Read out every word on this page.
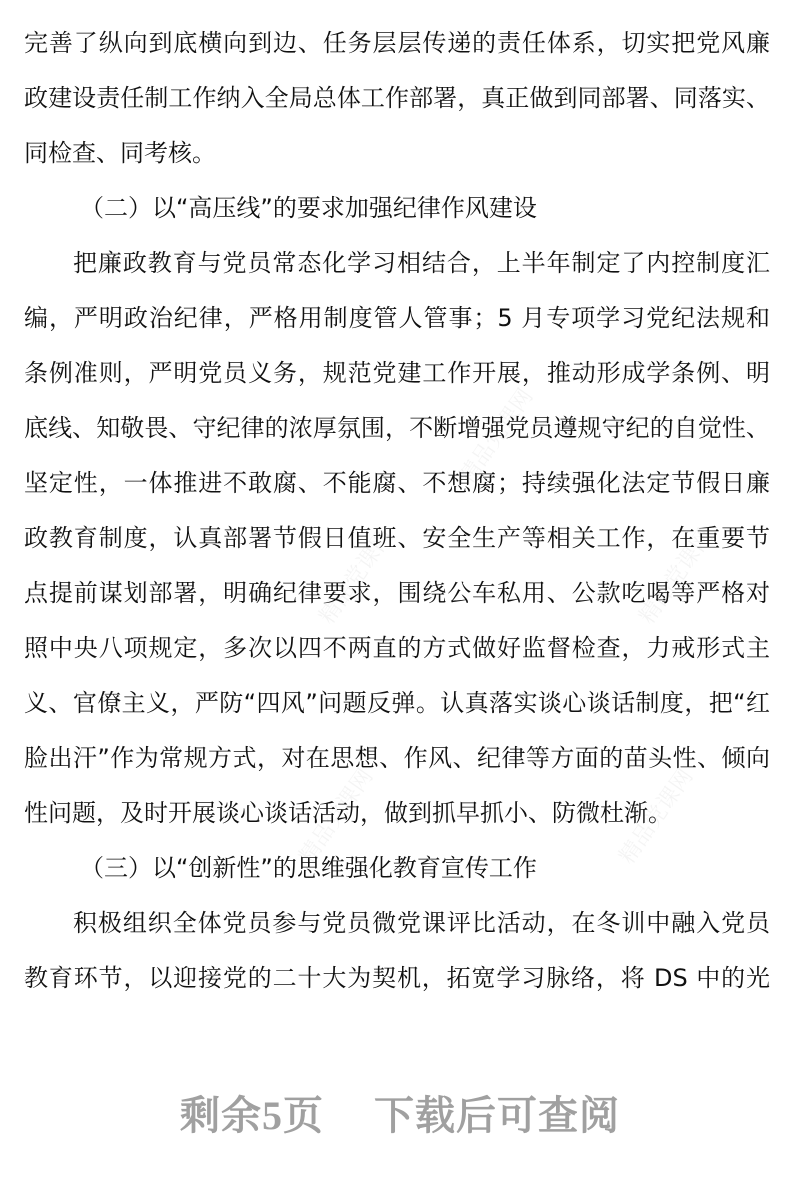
完善了纵向到底横向到边、任务层层传递的责任体系，切实把党风廉
政建设责任制工作纳入全局总体工作部署，真正做到同部署、同落实、
同检查、同考核。
（二）以“高压线”的要求加强纪律作风建设
把廉政教育与党员常态化学习相结合，上半年制定了内控制度汇
编，严明政治纪律，严格用制度管人管事；5 月专项学习党纪法规和
条例准则，严明党员义务，规范党建工作开展，推动形成学条例、明
底线、知敬畏、守纪律的浓厚氛围，不断增强党员遵规守纪的自觉性、
坚定性，一体推进不敢腐、不能腐、不想腐；持续强化法定节假日廉
政教育制度，认真部署节假日值班、安全生产等相关工作，在重要节
点提前谋划部署，明确纪律要求，围绕公车私用、公款吃喝等严格对
照中央八项规定，多次以四不两直的方式做好监督检查，力戒形式主
义、官僚主义，严防“四风”问题反弹。认真落实谈心谈话制度，把“红
脸出汗”作为常规方式，对在思想、作风、纪律等方面的苗头性、倾向
性问题，及时开展谈心谈话活动，做到抓早抓小、防微杜渐。
（三）以“创新性”的思维强化教育宣传工作
积极组织全体党员参与党员微党课评比活动，在冬训中融入党员
教育环节，以迎接党的二十大为契机，拓宽学习脉络，将 DS 中的光
剩余5页 下载后可查阅
